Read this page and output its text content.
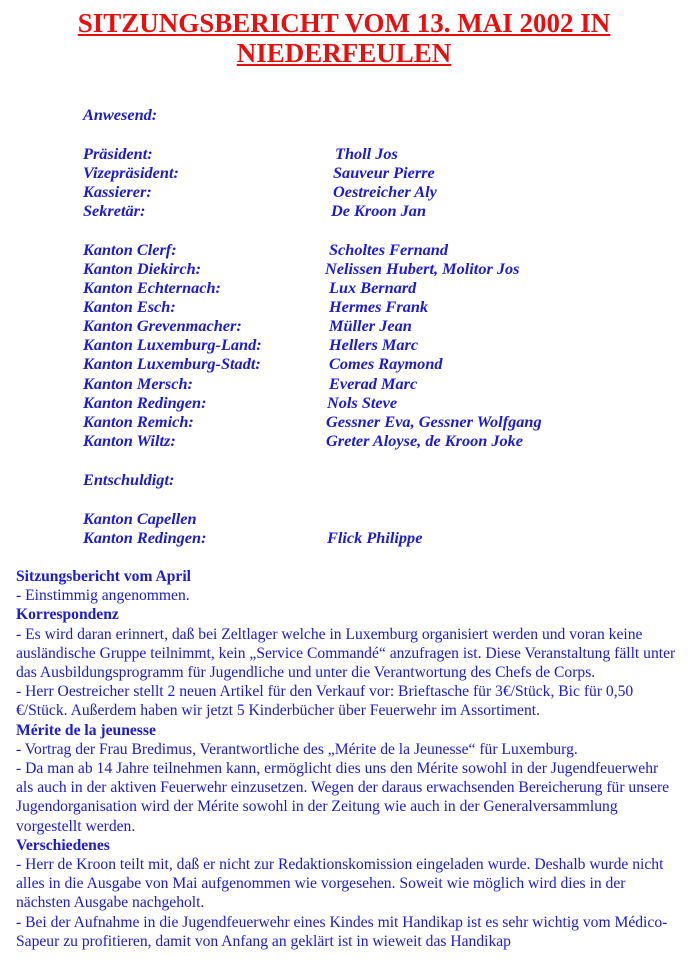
SITZUNGSBERICHT VOM 13. MAI 2002 IN
NIEDERFEULEN
Anwesend:
Präsident:	Tholl Jos
Vizepräsident:	Sauveur Pierre
Kassierer:	Oestreicher Aly
Sekretär:	De Kroon Jan
Kanton Clerf:	Scholtes Fernand
Kanton Diekirch:	Nelissen Hubert, Molitor Jos
Kanton Echternach:	Lux Bernard
Kanton Esch:	Hermes Frank
Kanton Grevenmacher:	Müller Jean
Kanton Luxemburg-Land:	Hellers Marc
Kanton Luxemburg-Stadt:	Comes Raymond
Kanton Mersch:	Everad Marc
Kanton Redingen:	Nols Steve
Kanton Remich:	Gessner Eva, Gessner Wolfgang
Kanton Wiltz:	Greter Aloyse, de Kroon Joke
Entschuldigt:
Kanton Capellen
Kanton Redingen:	Flick Philippe
Sitzungsbericht vom April

- Einstimmig angenommen.

Korrespondenz

- Es wird daran erinnert, daß bei Zeltlager welche in Luxemburg organisiert werden und voran keine ausländische Gruppe teilnimmt, kein „Service Commandé“ anzufragen ist. Diese Veranstaltung fällt unter das Ausbildungsprogramm für Jugendliche und unter die Verantwortung des Chefs de Corps.

- Herr Oestreicher stellt 2 neuen Artikel für den Verkauf vor: Brieftasche für 3€/Stück, Bic für 0,50 €/Stück. Außerdem haben wir jetzt 5 Kinderbücher über Feuerwehr im Assortiment.

Mérite de la jeunesse

- Vortrag der Frau Bredimus, Verantwortliche des „Mérite de la Jeunesse“ für Luxemburg.

- Da man ab 14 Jahre teilnehmen kann, ermöglicht dies uns den Mérite sowohl in der Jugendfeuerwehr als auch in der aktiven Feuerwehr einzusetzen. Wegen der daraus erwachsenden Bereicherung für unsere Jugendorganisation wird der Mérite sowohl in der Zeitung wie auch in der Generalversammlung vorgestellt werden.

Verschiedenes

- Herr de Kroon teilt mit, daß er nicht zur Redaktionskomission eingeladen wurde. Deshalb wurde nicht alles in die Ausgabe von Mai aufgenommen wie vorgesehen. Soweit wie möglich wird dies in der nächsten Ausgabe nachgeholt.

- Bei der Aufnahme in die Jugendfeuerwehr eines Kindes mit Handikap ist es sehr wichtig vom Médico-Sapeur zu profitieren, damit von Anfang an geklärt ist in wieweit das Handikap
